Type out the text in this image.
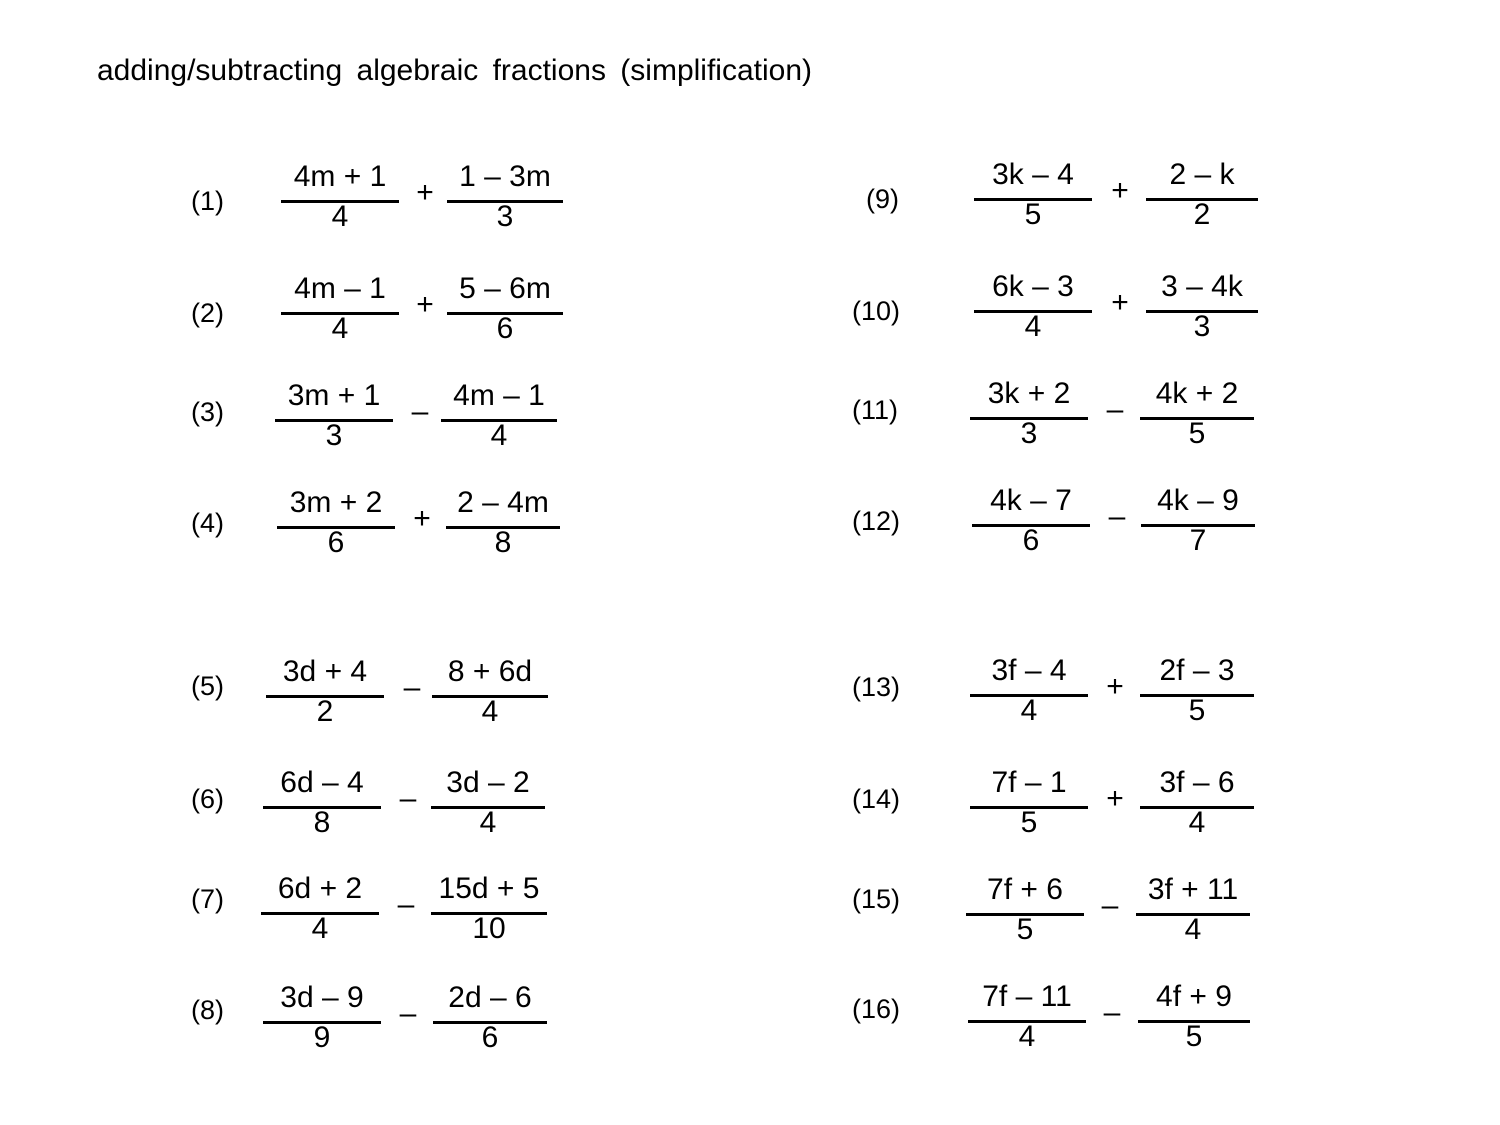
adding/subtracting algebraic fractions (simplification)
(1)
4m + 1
4
+ 1 – 3m
3
(2)
4m – 1
4
+ 5 – 6m
6
(3)	3m + 1
3
– 4m – 1
4
(4)
3m + 2
6
+ 2 – 4m
8
(5)	3d + 4
2
– 8 + 6d
4
(6)	6d – 4
8
– 3d – 2
4
(7)	6d + 2
4
– 15d + 5
10
(8)	3d – 9
9
–	2d – 6
6
(9)
3k – 4
5
+	2 – k
2
(10)
6k – 3
4
+	3 – 4k
3
(11)	3k + 2
3
–	4k + 2
5
(12)
4k – 7
6
–	4k – 9
7
(13)	3f – 4
4
+	2f – 3
5
(14)	7f – 1
5
+	3f – 6
4
(15)	7f + 6
5
– 3f + 11
4
(16)	7f – 11
4
–	4f + 9
5
